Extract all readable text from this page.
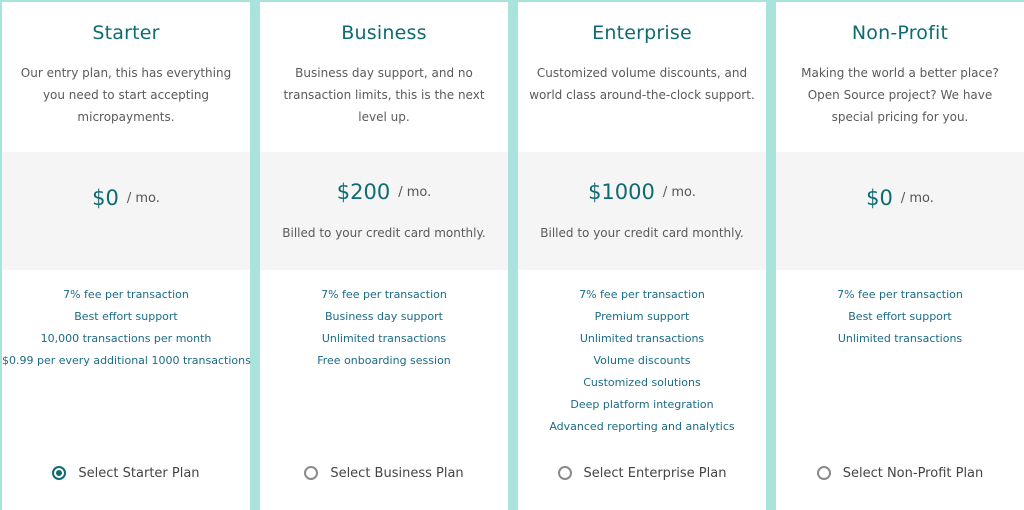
Starter
Our entry plan, this has everything you need to start accepting micropayments.
$0 / mo.
7% fee per transaction
Best effort support
10,000 transactions per month
$0.99 per every additional 1000 transactions
Select Starter Plan
Business
Business day support, and no transaction limits, this is the next level up.
$200 / mo.
Billed to your credit card monthly.
7% fee per transaction
Business day support
Unlimited transactions
Free onboarding session
Select Business Plan
Enterprise
Customized volume discounts, and world class around-the-clock support.
$1000 / mo.
Billed to your credit card monthly.
7% fee per transaction
Premium support
Unlimited transactions
Volume discounts
Customized solutions
Deep platform integration
Advanced reporting and analytics
Select Enterprise Plan
Non-Profit
Making the world a better place? Open Source project? We have special pricing for you.
$0 / mo.
7% fee per transaction
Best effort support
Unlimited transactions
Select Non-Profit Plan
